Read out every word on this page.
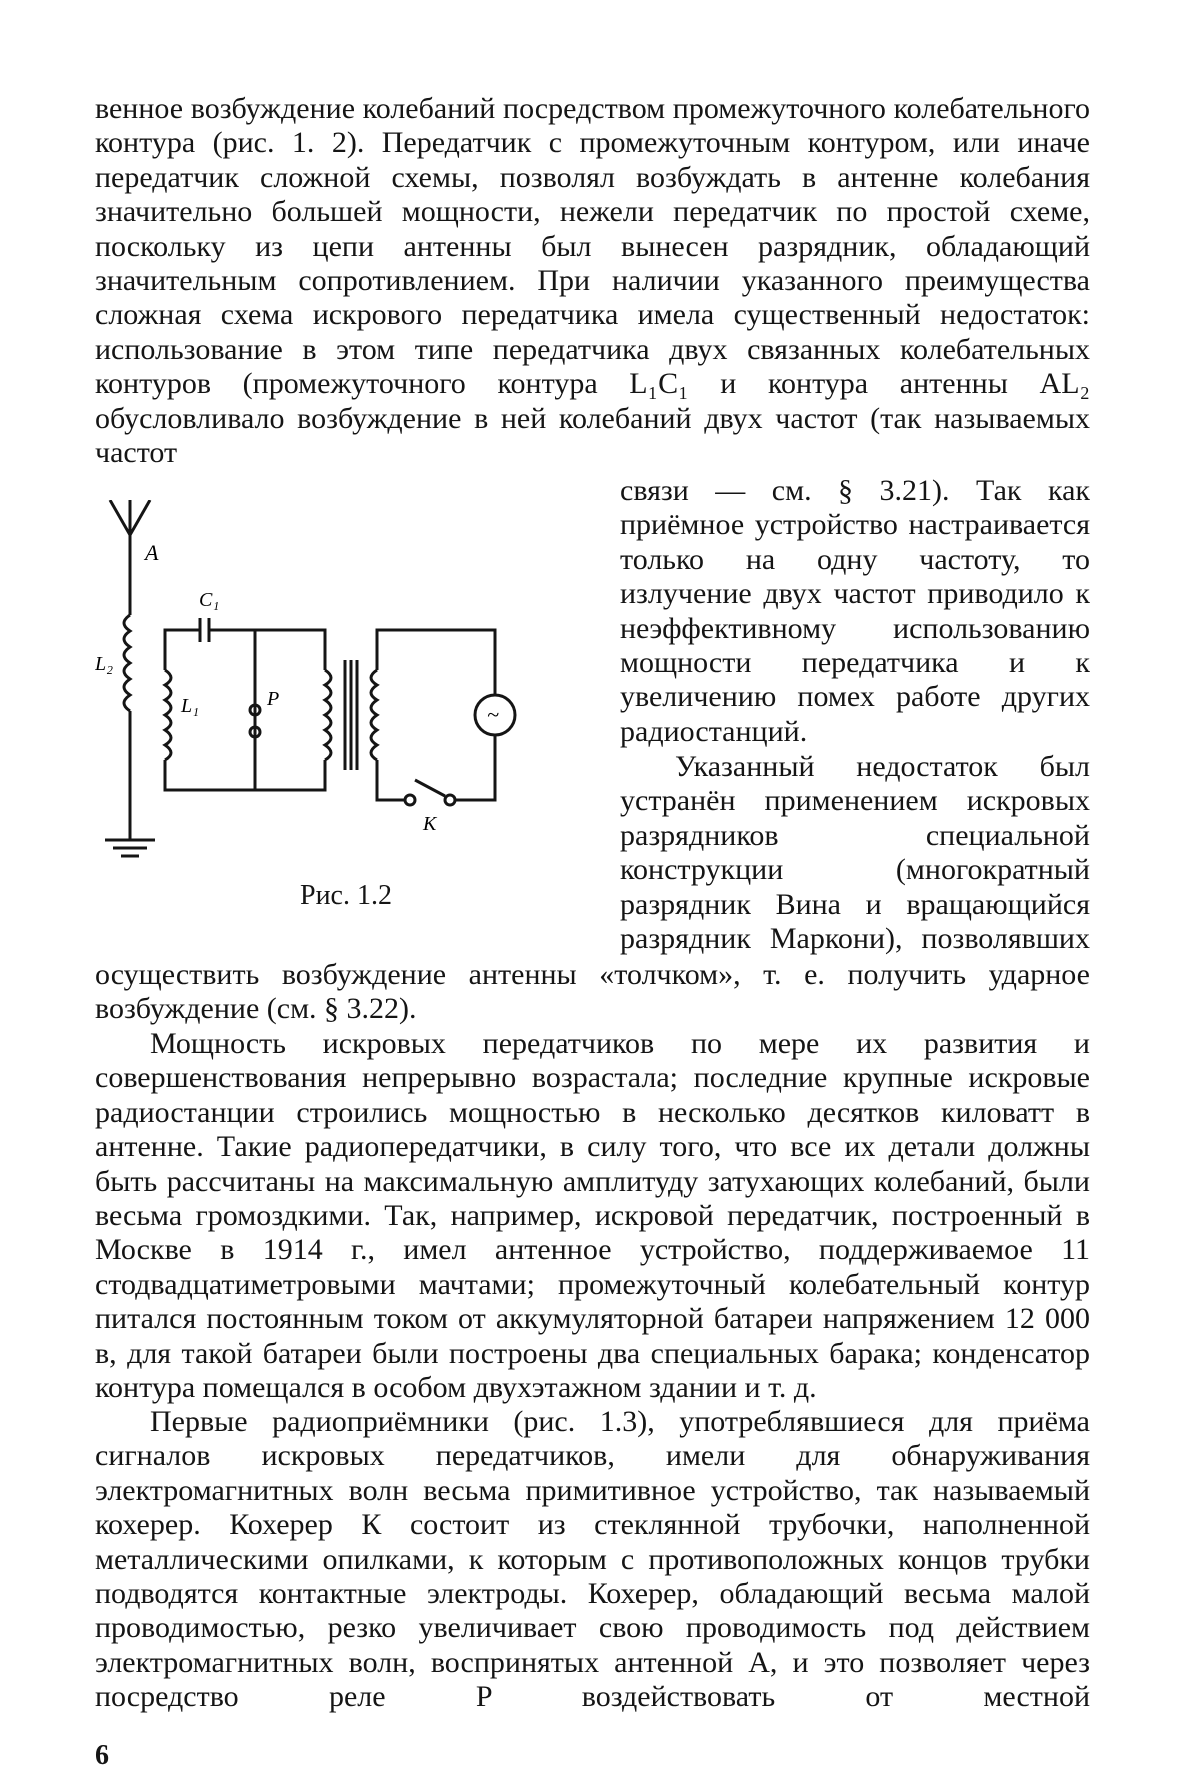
венное возбуждение колебаний посредством промежуточного колебательного контура (рис. 1. 2). Передатчик с промежуточным контуром, или иначе передатчик сложной схемы, позволял возбуждать в антенне колебания значительно большей мощности, нежели передатчик по простой схеме, поскольку из цепи антенны был вынесен разрядник, обладающий значительным сопротивлением. При наличии указанного преимущества сложная схема искрового передатчика имела существенный недостаток: использование в этом типе передатчика двух связанных колебательных контуров (промежуточного контура L₁C₁ и контура антенны AL₂ обусловливало возбуждение в ней колебаний двух частот (так называемых частот

A
C₁
L₂
L₁	P
~
K
Рис. 1.2

связи — см. § 3.21). Так как приёмное устройство настраивается только на одну частоту, то излучение двух частот приводило к неэффективному использованию мощности передатчика и к увеличению помех работе других радиостанций.

Указанный недостаток был устранён применением искровых разрядников специальной конструкции (многократный разрядник Вина и вращающийся разрядник Маркони), позволявших

осуществить возбуждение антенны «толчком», т. е. получить ударное возбуждение (см. § 3.22).

Мощность искровых передатчиков по мере их развития и совершенствования непрерывно возрастала; последние крупные искровые радиостанции строились мощностью в несколько десятков киловатт в антенне. Такие радиопередатчики, в силу того, что все их детали должны быть рассчитаны на максимальную амплитуду затухающих колебаний, были весьма громоздкими. Так, например, искровой передатчик, построенный в Москве в 1914 г., имел антенное устройство, поддерживаемое 11 стодвадцатиметровыми мачтами; промежуточный колебательный контур питался постоянным током от аккумуляторной батареи напряжением 12 000 в, для такой батареи были построены два специальных барака; конденсатор контура помещался в особом двухэтажном здании и т. д.

Первые радиоприёмники (рис. 1.3), употреблявшиеся для приёма сигналов искровых передатчиков, имели для обнаруживания электромагнитных волн весьма примитивное устройство, так называемый кохерер. Кохерер К состоит из стеклянной трубочки, наполненной металлическими опилками, к которым с противоположных концов трубки подводятся контактные электроды. Кохерер, обладающий весьма малой проводимостью, резко увеличивает свою проводимость под действием электромагнитных волн, воспринятых антенной A, и это позволяет через посредство реле P воздействовать от местной

6
